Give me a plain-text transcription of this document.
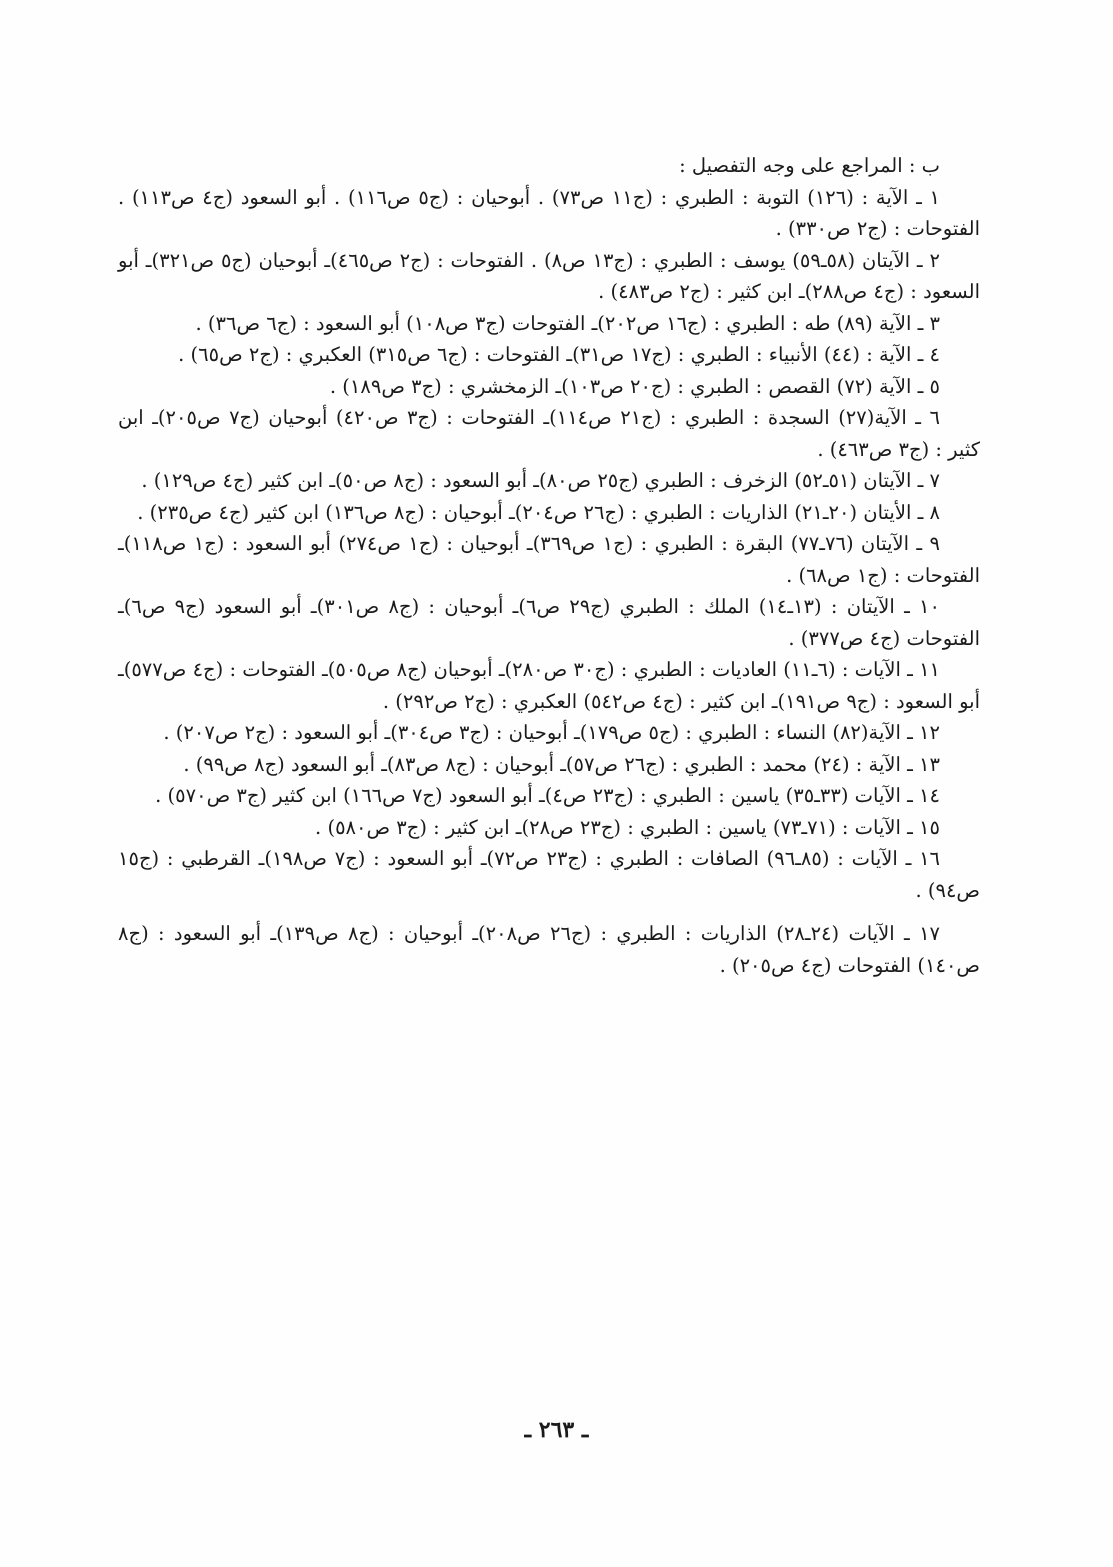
ب : المراجع على وجه التفصيل :

١ ـ الآية : (١٢٦) التوبة : الطبري : (ج١١ ص٧٣) . أبوحيان : (ج٥ ص١١٦) . أبو السعود (ج٤ ص١١٣) . الفتوحات : (ج٢ ص٣٣٠) .

٢ ـ الآيتان (٥٨ـ٥٩) يوسف : الطبري : (ج١٣ ص٨) . الفتوحات : (ج٢ ص٤٦٥)ـ أبوحيان (ج٥ ص٣٢١)ـ أبو السعود : (ج٤ ص٢٨٨)ـ ابن كثير : (ج٢ ص٤٨٣) .

٣ ـ الآية (٨٩) طه : الطبري : (ج١٦ ص٢٠٢)ـ الفتوحات (ج٣ ص١٠٨) أبو السعود : (ج٦ ص٣٦) .

٤ ـ الآية : (٤٤) الأنبياء : الطبري : (ج١٧ ص٣١)ـ الفتوحات : (ج٦ ص٣١٥) العكبري : (ج٢ ص٦٥) .

٥ ـ الآية (٧٢) القصص : الطبري : (ج٢٠ ص١٠٣)ـ الزمخشري : (ج٣ ص١٨٩) .

٦ ـ الآية(٢٧) السجدة : الطبري : (ج٢١ ص١١٤)ـ الفتوحات : (ج٣ ص٤٢٠) أبوحيان (ج٧ ص٢٠٥)ـ ابن كثير : (ج٣ ص٤٦٣) .

٧ ـ الآيتان (٥١ـ٥٢) الزخرف : الطبري (ج٢٥ ص٨٠)ـ أبو السعود : (ج٨ ص٥٠)ـ ابن كثير (ج٤ ص١٢٩) .

٨ ـ الأيتان (٢٠ـ٢١) الذاريات : الطبري : (ج٢٦ ص٢٠٤)ـ أبوحيان : (ج٨ ص١٣٦) ابن كثير (ج٤ ص٢٣٥) .

٩ ـ الآيتان (٧٦ـ٧٧) البقرة : الطبري : (ج١ ص٣٦٩)ـ أبوحيان : (ج١ ص٢٧٤) أبو السعود : (ج١ ص١١٨)ـ الفتوحات : (ج١ ص٦٨) .

١٠ ـ الآيتان : (١٣ـ١٤) الملك : الطبري (ج٢٩ ص٦)ـ أبوحيان : (ج٨ ص٣٠١)ـ أبو السعود (ج٩ ص٦)ـ الفتوحات (ج٤ ص٣٧٧) .

١١ ـ الآيات : (٦ـ١١) العاديات : الطبري : (ج٣٠ ص٢٨٠)ـ أبوحيان (ج٨ ص٥٠٥)ـ الفتوحات : (ج٤ ص٥٧٧)ـ أبو السعود : (ج٩ ص١٩١)ـ ابن كثير : (ج٤ ص٥٤٢) العكبري : (ج٢ ص٢٩٢) .

١٢ ـ الآية(٨٢) النساء : الطبري : (ج٥ ص١٧٩)ـ أبوحيان : (ج٣ ص٣٠٤)ـ أبو السعود : (ج٢ ص٢٠٧) .

١٣ ـ الآية : (٢٤) محمد : الطبري : (ج٢٦ ص٥٧)ـ أبوحيان : (ج٨ ص٨٣)ـ أبو السعود (ج٨ ص٩٩) .

١٤ ـ الآيات (٣٣ـ٣٥) ياسين : الطبري : (ج٢٣ ص٤)ـ أبو السعود (ج٧ ص١٦٦) ابن كثير (ج٣ ص٥٧٠) .

١٥ ـ الآيات : (٧١ـ٧٣) ياسين : الطبري : (ج٢٣ ص٢٨)ـ ابن كثير : (ج٣ ص٥٨٠) .

١٦ ـ الآيات : (٨٥ـ٩٦) الصافات : الطبري : (ج٢٣ ص٧٢)ـ أبو السعود : (ج٧ ص١٩٨)ـ القرطبي : (ج١٥ ص٩٤) .

١٧ ـ الآيات (٢٤ـ٢٨) الذاريات : الطبري : (ج٢٦ ص٢٠٨)ـ أبوحيان : (ج٨ ص١٣٩)ـ أبو السعود : (ج٨ ص١٤٠) الفتوحات (ج٤ ص٢٠٥) .

ـ ٢٦٣ ـ
